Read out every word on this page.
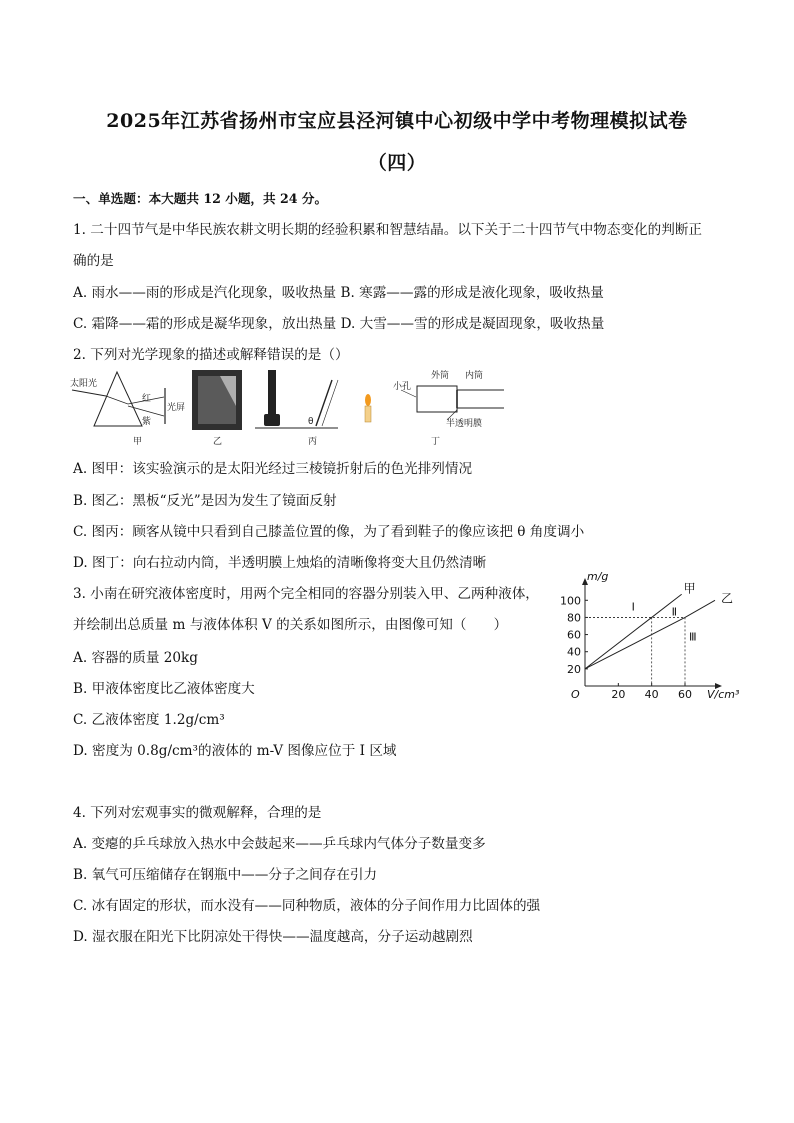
2025年江苏省扬州市宝应县泾河镇中心初级中学中考物理模拟试卷
（四）
一、单选题：本大题共 12 小题，共 24 分。
1. 二十四节气是中华民族农耕文明长期的经验积累和智慧结晶。以下关于二十四节气中物态变化的判断正
确的是
A. 雨水——雨的形成是汽化现象，吸收热量 B. 寒露——露的形成是液化现象，吸收热量
C. 霜降——霜的形成是凝华现象，放出热量 D. 大雪——雪的形成是凝固现象，吸收热量
2. 下列对光学现象的描述或解释错误的是（）
太阳光
红
紫
光屏
甲	乙
θ
丙
小孔
外筒 内筒
半透明膜
丁
A. 图甲：该实验演示的是太阳光经过三棱镜折射后的色光排列情况
B. 图乙：黑板“反光”是因为发生了镜面反射
C. 图丙：顾客从镜中只看到自己膝盖位置的像，为了看到鞋子的像应该把 θ 角度调小
D. 图丁：向右拉动内筒，半透明膜上烛焰的清晰像将变大且仍然清晰
3. 小南在研究液体密度时，用两个完全相同的容器分别装入甲、乙两种液体，
并绘制出总质量 m 与液体体积 V 的关系如图所示，由图像可知（　　）
A. 容器的质量 20kg
B. 甲液体密度比乙液体密度大
C. 乙液体密度 1.2g/cm³
D. 密度为 0.8g/cm³的液体的 m-V 图像应位于 Ⅰ 区域
20 40 60
20
40
60
80
100
O
m/g
V/cm³
甲
乙
Ⅰ	Ⅱ
Ⅲ
4. 下列对宏观事实的微观解释，合理的是
A. 变瘪的乒乓球放入热水中会鼓起来——乒乓球内气体分子数量变多
B. 氧气可压缩储存在钢瓶中——分子之间存在引力
C. 冰有固定的形状，而水没有——同种物质，液体的分子间作用力比固体的强
D. 湿衣服在阳光下比阴凉处干得快——温度越高，分子运动越剧烈
